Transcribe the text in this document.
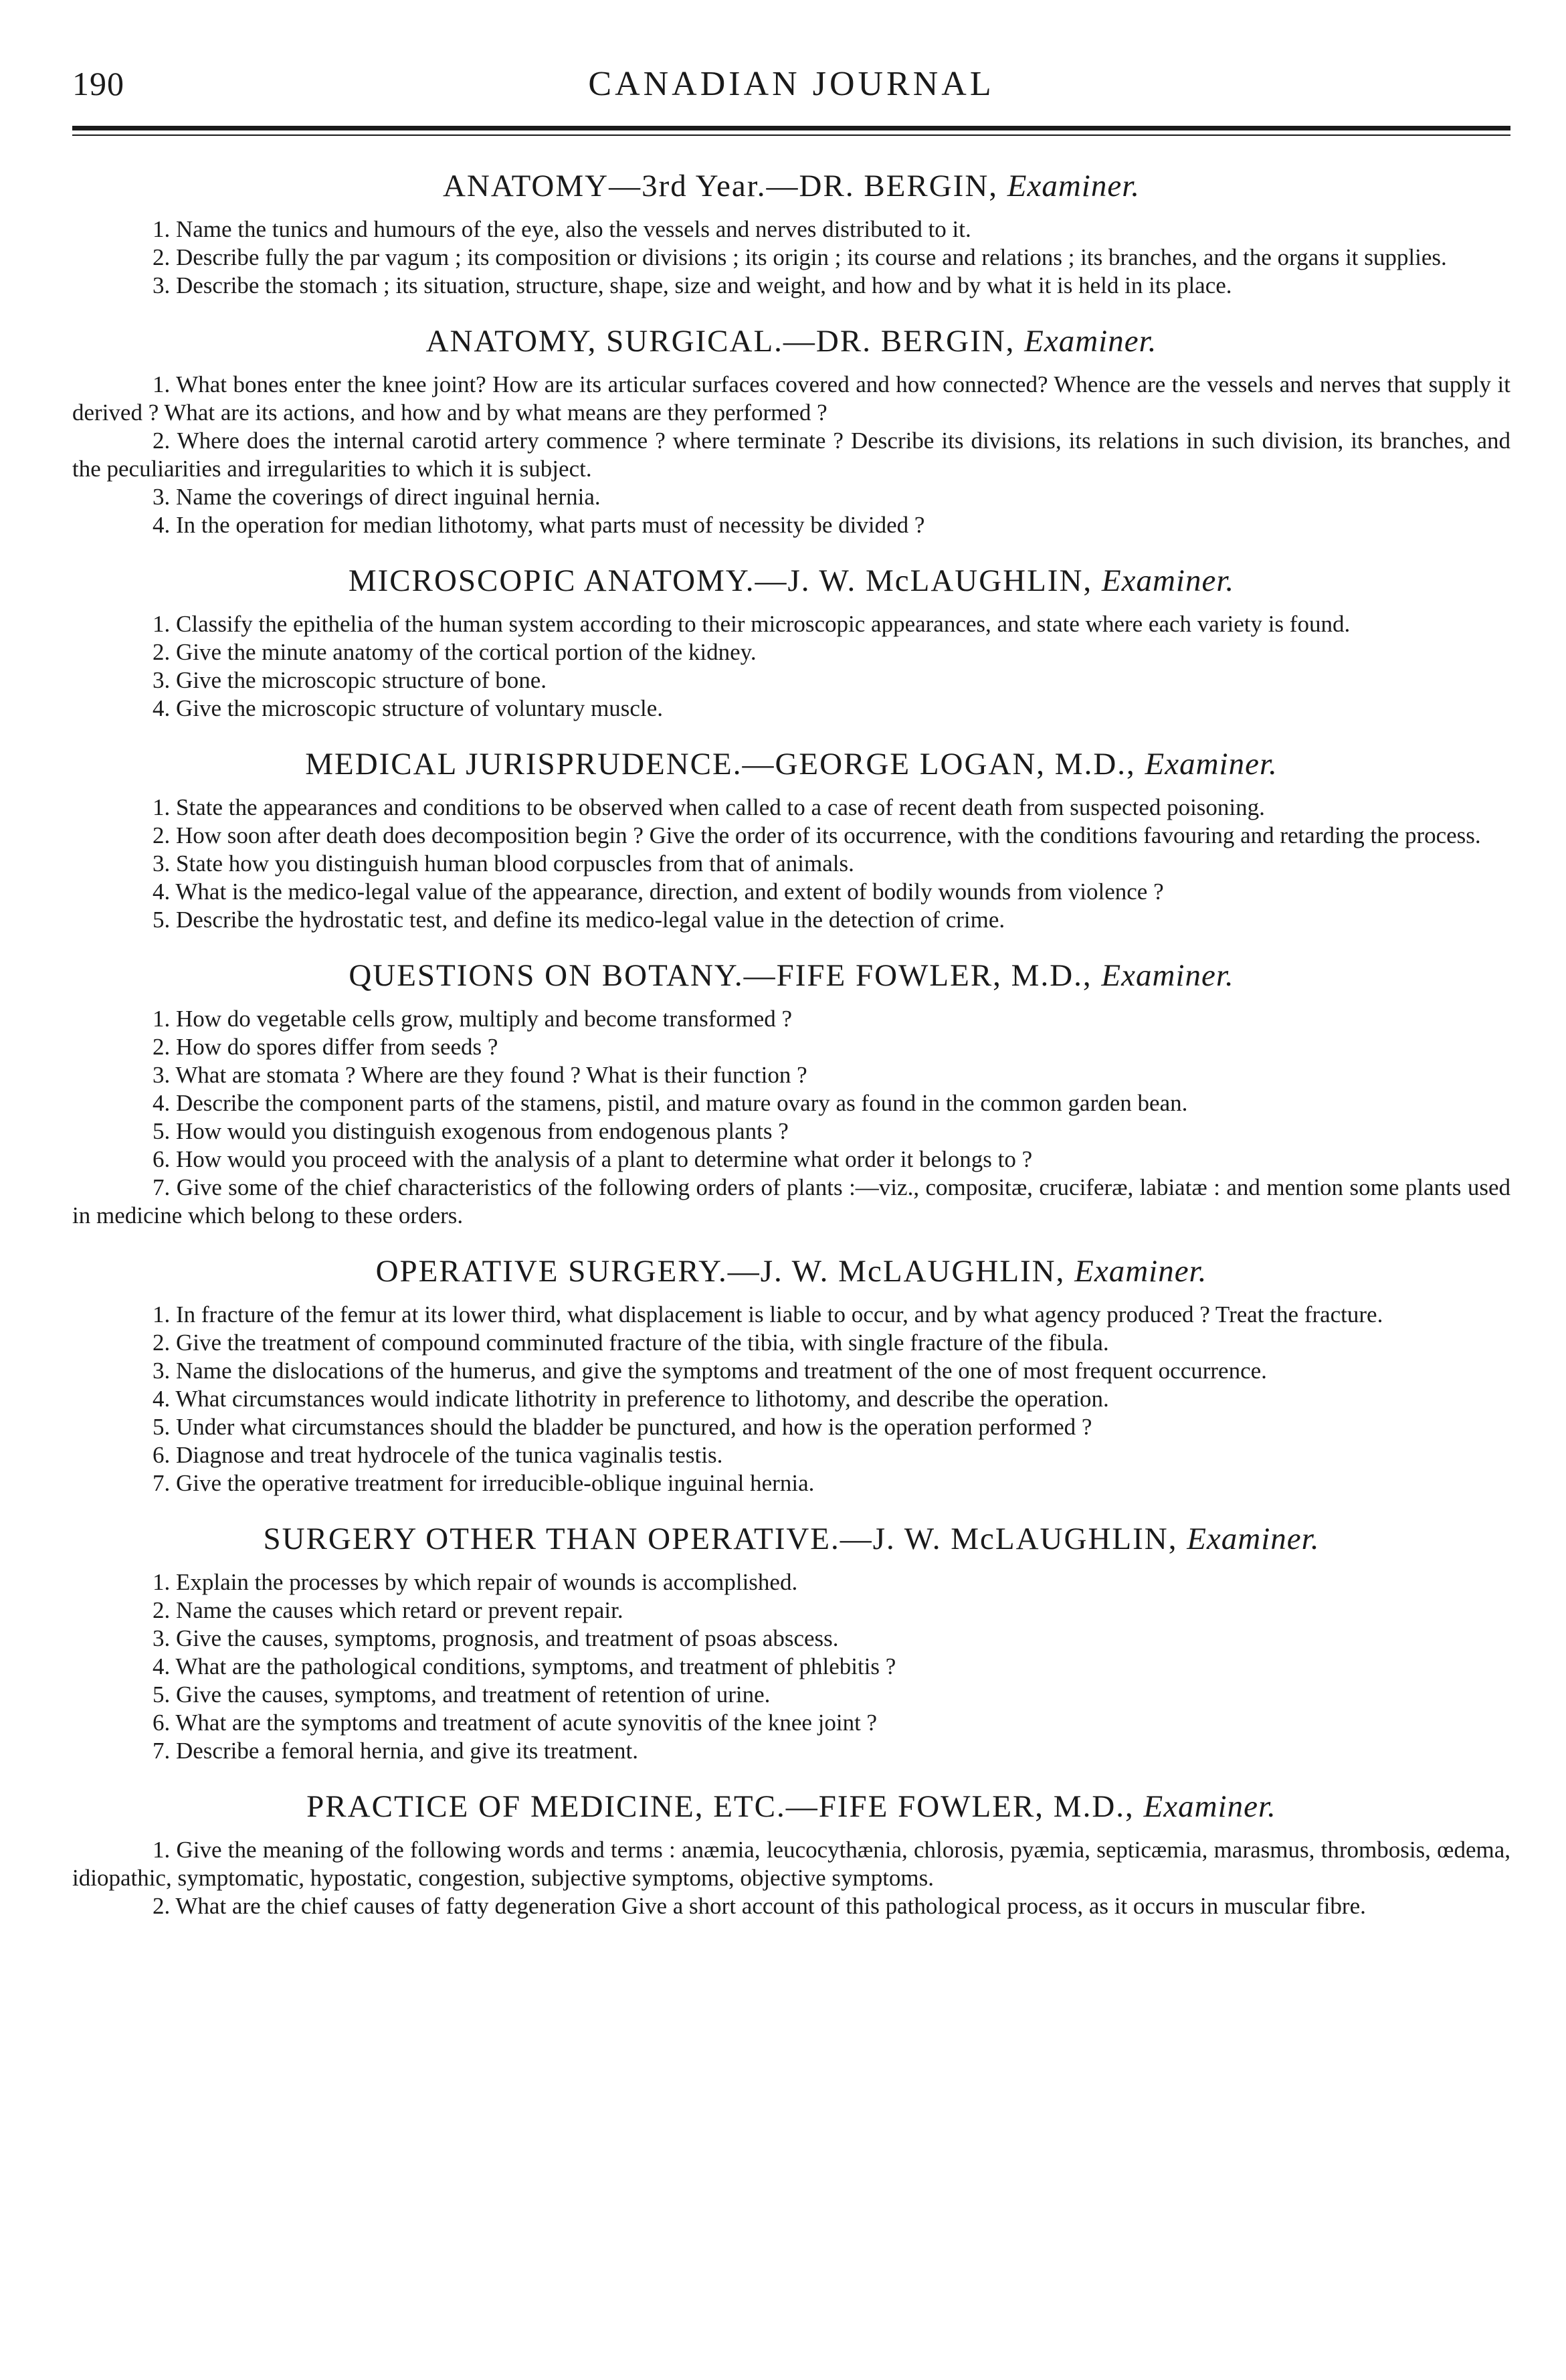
190	CANADIAN JOURNAL
ANATOMY—3rd Year.—DR. BERGIN, Examiner.

1. Name the tunics and humours of the eye, also the vessels and nerves distributed to it.

2. Describe fully the par vagum ; its composition or divisions ; its origin ; its course and relations ; its branches, and the organs it supplies.

3. Describe the stomach ; its situation, structure, shape, size and weight, and how and by what it is held in its place.

ANATOMY, SURGICAL.—DR. BERGIN, Examiner.

1. What bones enter the knee joint? How are its articular surfaces covered and how connected? Whence are the vessels and nerves that supply it derived ? What are its actions, and how and by what means are they performed ?

2. Where does the internal carotid artery commence ? where terminate ? Describe its divisions, its relations in such division, its branches, and the peculiarities and irregularities to which it is subject.

3. Name the coverings of direct inguinal hernia.

4. In the operation for median lithotomy, what parts must of necessity be divided ?

MICROSCOPIC ANATOMY.—J. W. McLAUGHLIN, Examiner.

1. Classify the epithelia of the human system according to their microscopic appearances, and state where each variety is found.

2. Give the minute anatomy of the cortical portion of the kidney.

3. Give the microscopic structure of bone.

4. Give the microscopic structure of voluntary muscle.

MEDICAL JURISPRUDENCE.—GEORGE LOGAN, M.D., Examiner.

1. State the appearances and conditions to be observed when called to a case of recent death from suspected poisoning.

2. How soon after death does decomposition begin ? Give the order of its occurrence, with the conditions favouring and retarding the process.

3. State how you distinguish human blood corpuscles from that of animals.

4. What is the medico-legal value of the appearance, direction, and extent of bodily wounds from violence ?

5. Describe the hydrostatic test, and define its medico-legal value in the detection of crime.

QUESTIONS ON BOTANY.—FIFE FOWLER, M.D., Examiner.

1. How do vegetable cells grow, multiply and become transformed ?

2. How do spores differ from seeds ?

3. What are stomata ? Where are they found ? What is their function ?

4. Describe the component parts of the stamens, pistil, and mature ovary as found in the common garden bean.

5. How would you distinguish exogenous from endogenous plants ?

6. How would you proceed with the analysis of a plant to determine what order it belongs to ?

7. Give some of the chief characteristics of the following orders of plants :—viz., compositæ, cruciferæ, labiatæ : and mention some plants used in medicine which belong to these orders.

OPERATIVE SURGERY.—J. W. McLAUGHLIN, Examiner.

1. In fracture of the femur at its lower third, what displacement is liable to occur, and by what agency produced ? Treat the fracture.

2. Give the treatment of compound comminuted fracture of the tibia, with single fracture of the fibula.

3. Name the dislocations of the humerus, and give the symptoms and treatment of the one of most frequent occurrence.

4. What circumstances would indicate lithotrity in preference to lithotomy, and describe the operation.

5. Under what circumstances should the bladder be punctured, and how is the operation performed ?

6. Diagnose and treat hydrocele of the tunica vaginalis testis.

7. Give the operative treatment for irreducible-oblique inguinal hernia.

SURGERY OTHER THAN OPERATIVE.—J. W. McLAUGHLIN, Examiner.

1. Explain the processes by which repair of wounds is accomplished.

2. Name the causes which retard or prevent repair.

3. Give the causes, symptoms, prognosis, and treatment of psoas abscess.

4. What are the pathological conditions, symptoms, and treatment of phlebitis ?

5. Give the causes, symptoms, and treatment of retention of urine.

6. What are the symptoms and treatment of acute synovitis of the knee joint ?

7. Describe a femoral hernia, and give its treatment.

PRACTICE OF MEDICINE, ETC.—FIFE FOWLER, M.D., Examiner.

1. Give the meaning of the following words and terms : anæmia, leucocythænia, chlorosis, pyæmia, septicæmia, marasmus, thrombosis, œdema, idiopathic, symptomatic, hypostatic, congestion, subjective symptoms, objective symptoms.

2. What are the chief causes of fatty degeneration Give a short account of this pathological process, as it occurs in muscular fibre.
